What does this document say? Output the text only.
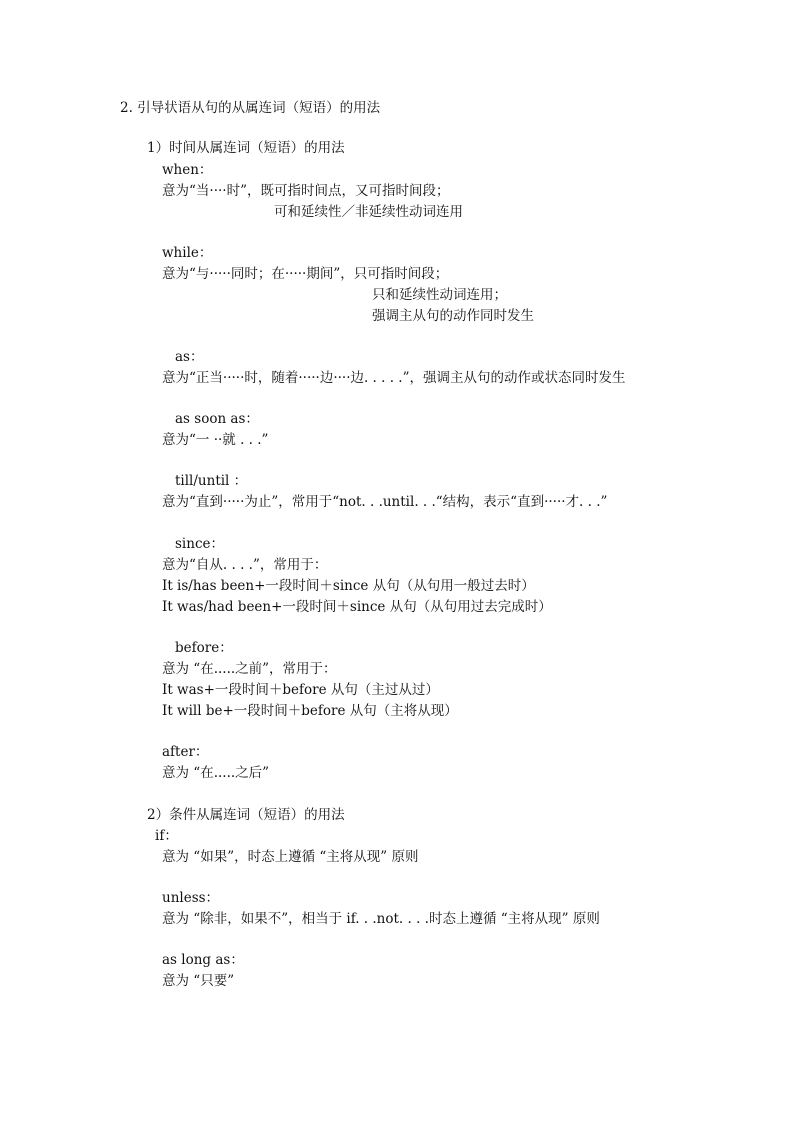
2. 引导状语从句的从属连词（短语）的用法
1）时间从属连词（短语）的用法
when：
意为“当····时”，既可指时间点，又可指时间段；
可和延续性／非延续性动词连用
while：
意为“与·····同时；在·····期间”，只可指时间段；
只和延续性动词连用；
强调主从句的动作同时发生
as：
意为“正当·····时，随着·····边····边. . . . .”，强调主从句的动作或状态同时发生
as soon as：
意为“一 ··就 . . .”
till/until ：
意为“直到·····为止”，常用于“not. . .until. . .“结构，表示“直到·····才. . .”
since：
意为“自从. . . .”，常用于：
It is/has been+一段时间＋since 从句（从句用一般过去时）
It was/had been+一段时间＋since 从句（从句用过去完成时）
before：
意为 “在.....之前”，常用于：
It was+一段时间＋before 从句（主过从过）
It will be+一段时间＋before 从句（主将从现）
after：
意为 “在.....之后”
2）条件从属连词（短语）的用法
if：
意为 “如果”，时态上遵循 “主将从现” 原则
unless：
意为 “除非，如果不”，相当于 if. . .not. . . .时态上遵循 “主将从现” 原则
as long as：
意为 “只要”
